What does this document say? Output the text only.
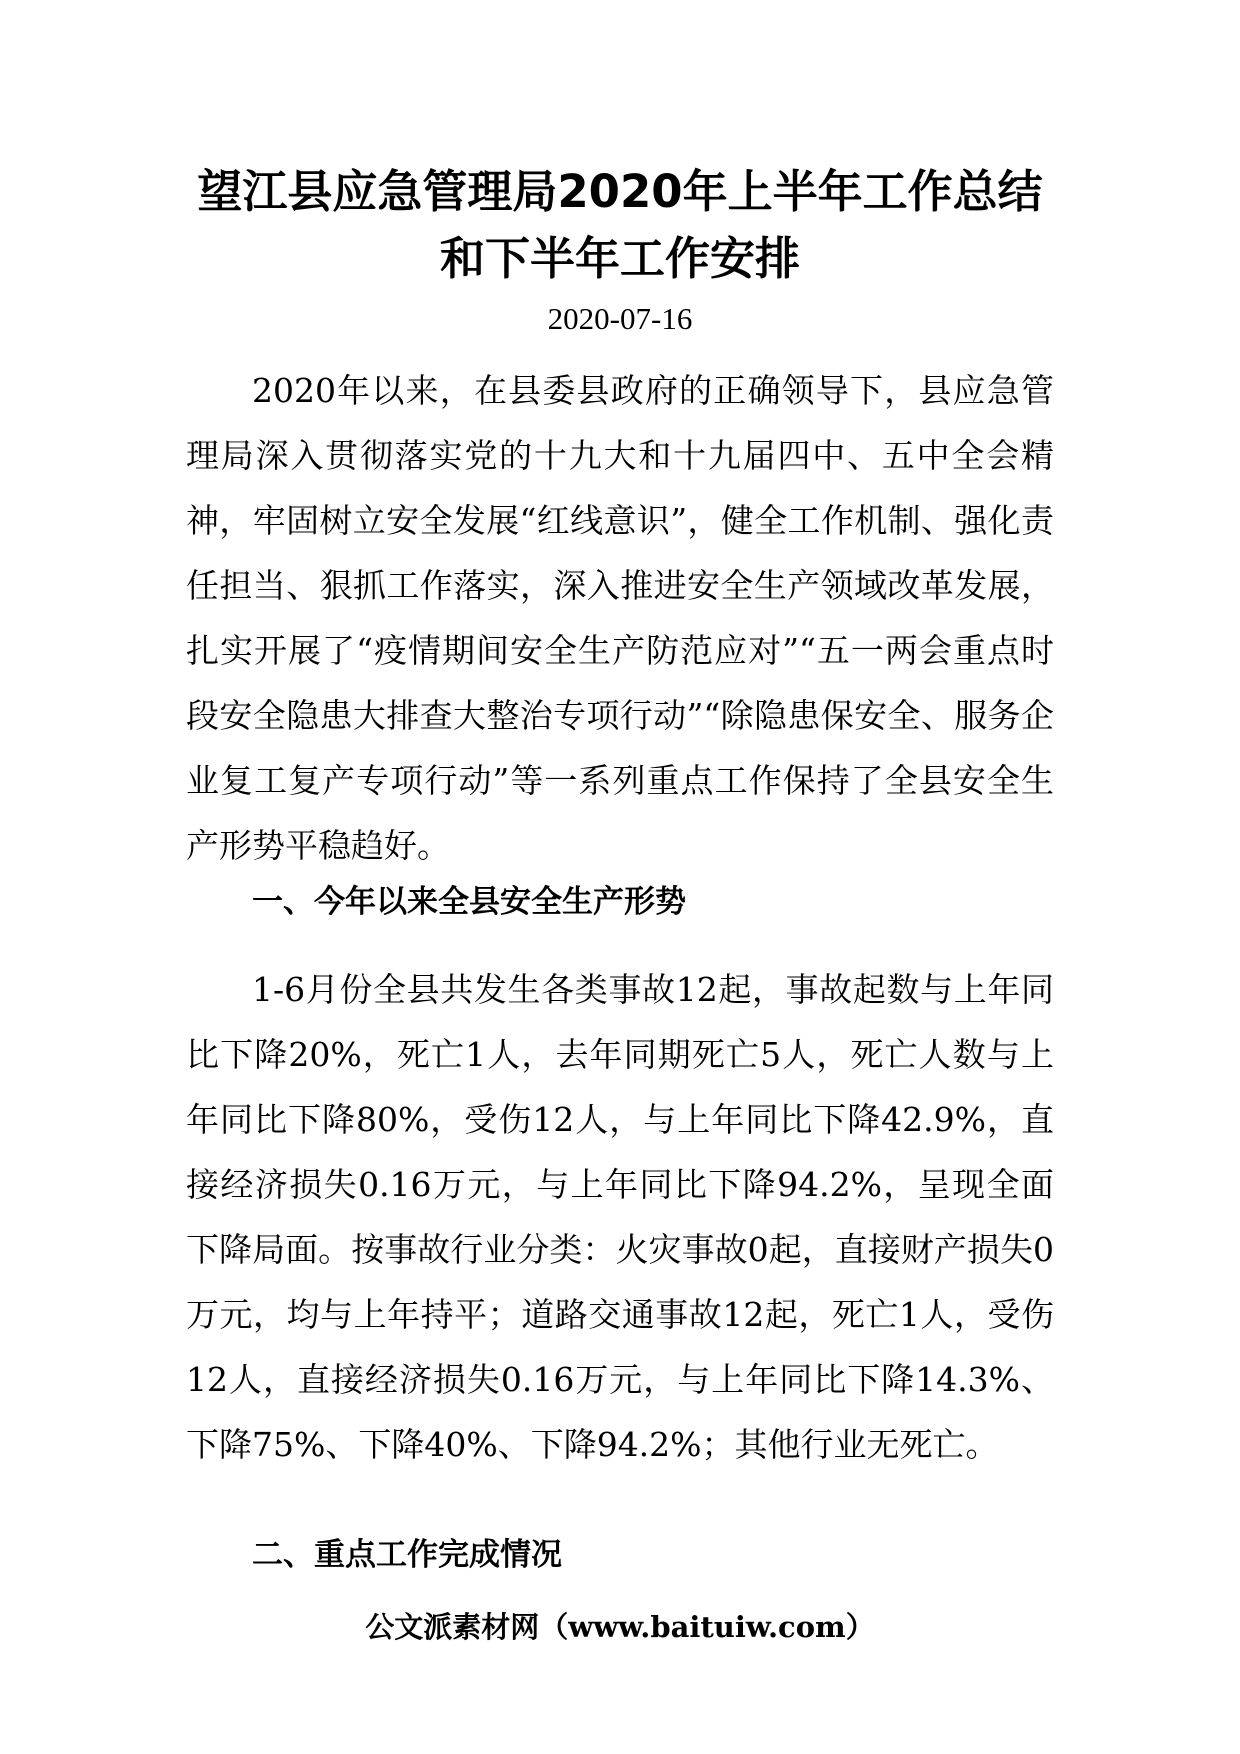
望江县应急管理局2020年上半年工作总结
和下半年工作安排

2020-07-16

2020年以来，在县委县政府的正确领导下，县应急管理局深入贯彻落实党的十九大和十九届四中、五中全会精神，牢固树立安全发展“红线意识”，健全工作机制、强化责任担当、狠抓工作落实，深入推进安全生产领域改革发展，扎实开展了“疫情期间安全生产防范应对”“五一两会重点时段安全隐患大排查大整治专项行动”“除隐患保安全、服务企业复工复产专项行动”等一系列重点工作保持了全县安全生产形势平稳趋好。

一、今年以来全县安全生产形势

1-6月份全县共发生各类事故12起，事故起数与上年同比下降20%，死亡1人，去年同期死亡5人，死亡人数与上年同比下降80%，受伤12人，与上年同比下降42.9%，直接经济损失0.16万元，与上年同比下降94.2%，呈现全面下降局面。按事故行业分类：火灾事故0起，直接财产损失0万元，均与上年持平；道路交通事故12起，死亡1人，受伤12人，直接经济损失0.16万元，与上年同比下降14.3%、下降75%、下降40%、下降94.2%；其他行业无死亡。

二、重点工作完成情况

公文派素材网（www.baituiw.com）
